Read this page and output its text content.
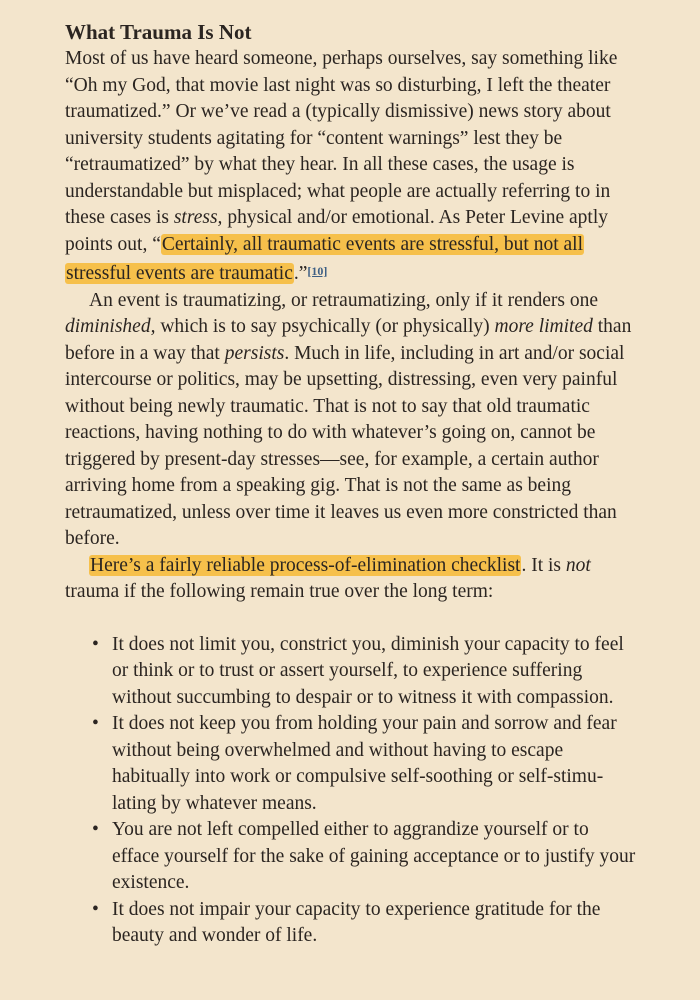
What Trauma Is Not

Most of us have heard someone, perhaps ourselves, say something like “Oh my God, that movie last night was so disturbing, I left the theater traumatized.” Or we’ve read a (typically dismissive) news story about university students agitating for “content warnings” lest they be “retraumatized” by what they hear. In all these cases, the usage is understandable but misplaced; what people are actually referring to in these cases is stress, physical and/or emotional. As Peter Levine aptly points out, “Certainly, all traumatic events are stressful, but not all stressful events are traumatic.”[10]

An event is traumatizing, or retraumatizing, only if it renders one diminished, which is to say psychically (or physically) more limited than before in a way that persists. Much in life, including in art and/or social intercourse or politics, may be upsetting, distressing, even very painful without being newly traumatic. That is not to say that old traumatic reactions, having nothing to do with whatever’s going on, cannot be triggered by present-day stresses—see, for example, a certain author arriving home from a speaking gig. That is not the same as being retraumatized, unless over time it leaves us even more constricted than before.

Here’s a fairly reliable process-of-elimination checklist. It is not trauma if the following remain true over the long term:

• It does not limit you, constrict you, diminish your capacity to feel or think or to trust or assert yourself, to experience suffering without succumbing to despair or to witness it with compassion.
• It does not keep you from holding your pain and sorrow and fear without being overwhelmed and without having to escape habitually into work or compulsive self-soothing or self-stimulating by whatever means.
• You are not left compelled either to aggrandize yourself or to efface yourself for the sake of gaining acceptance or to justify your existence.
• It does not impair your capacity to experience gratitude for the beauty and wonder of life.
